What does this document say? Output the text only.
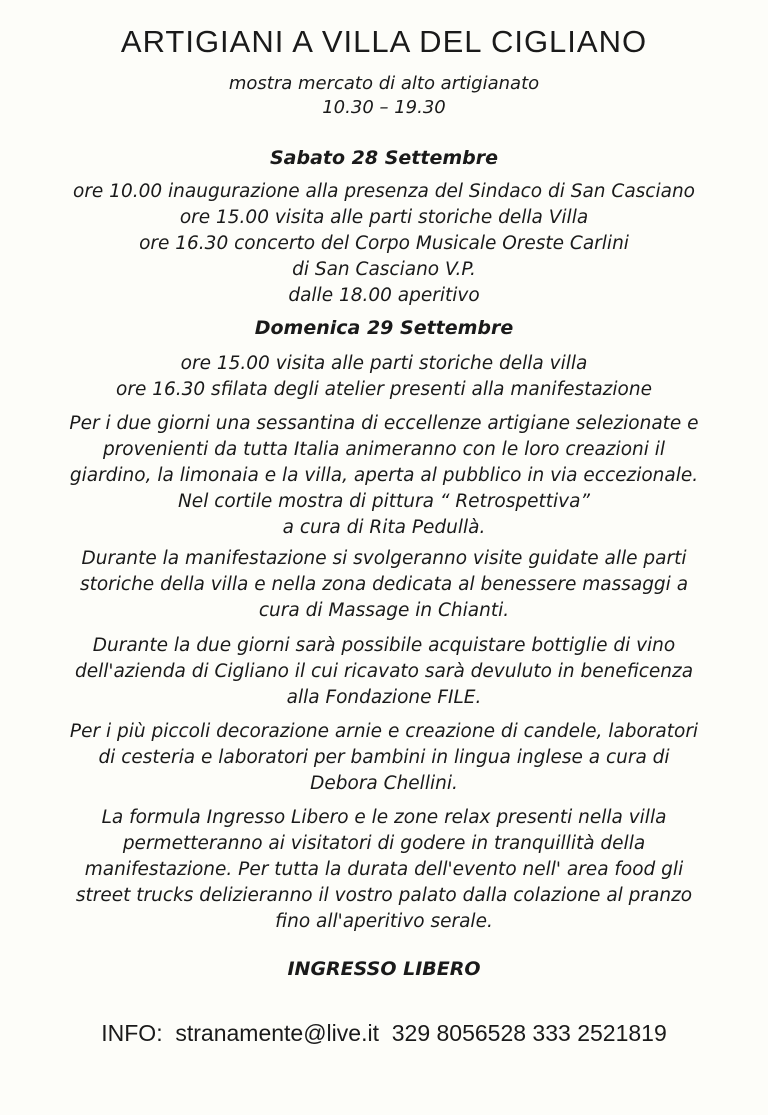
ARTIGIANI A VILLA DEL CIGLIANO
mostra mercato di alto artigianato
10.30 – 19.30
Sabato 28 Settembre
ore 10.00 inaugurazione alla presenza del Sindaco di San Casciano
ore 15.00 visita alle parti storiche della Villa
ore 16.30 concerto del Corpo Musicale Oreste Carlini
di San Casciano V.P.
dalle 18.00 aperitivo
Domenica 29 Settembre
ore 15.00 visita alle parti storiche della villa
ore 16.30 sfilata degli atelier presenti alla manifestazione
Per i due giorni una sessantina di eccellenze artigiane selezionate e
provenienti da tutta Italia animeranno con le loro creazioni il
giardino, la limonaia e la villa, aperta al pubblico in via eccezionale.
Nel cortile mostra di pittura “ Retrospettiva”
a cura di Rita Pedullà.
Durante la manifestazione si svolgeranno visite guidate alle parti
storiche della villa e nella zona dedicata al benessere massaggi a
cura di Massage in Chianti.
Durante la due giorni sarà possibile acquistare bottiglie di vino
dell'azienda di Cigliano il cui ricavato sarà devuluto in beneficenza
alla Fondazione FILE.
Per i più piccoli decorazione arnie e creazione di candele, laboratori
di cesteria e laboratori per bambini in lingua inglese a cura di
Debora Chellini.
La formula Ingresso Libero e le zone relax presenti nella villa
permetteranno ai visitatori di godere in tranquillità della
manifestazione. Per tutta la durata dell'evento nell' area food gli
street trucks delizieranno il vostro palato dalla colazione al pranzo
fino all'aperitivo serale.
INGRESSO LIBERO
INFO:  stranamente@live.it  329 8056528 333 2521819
